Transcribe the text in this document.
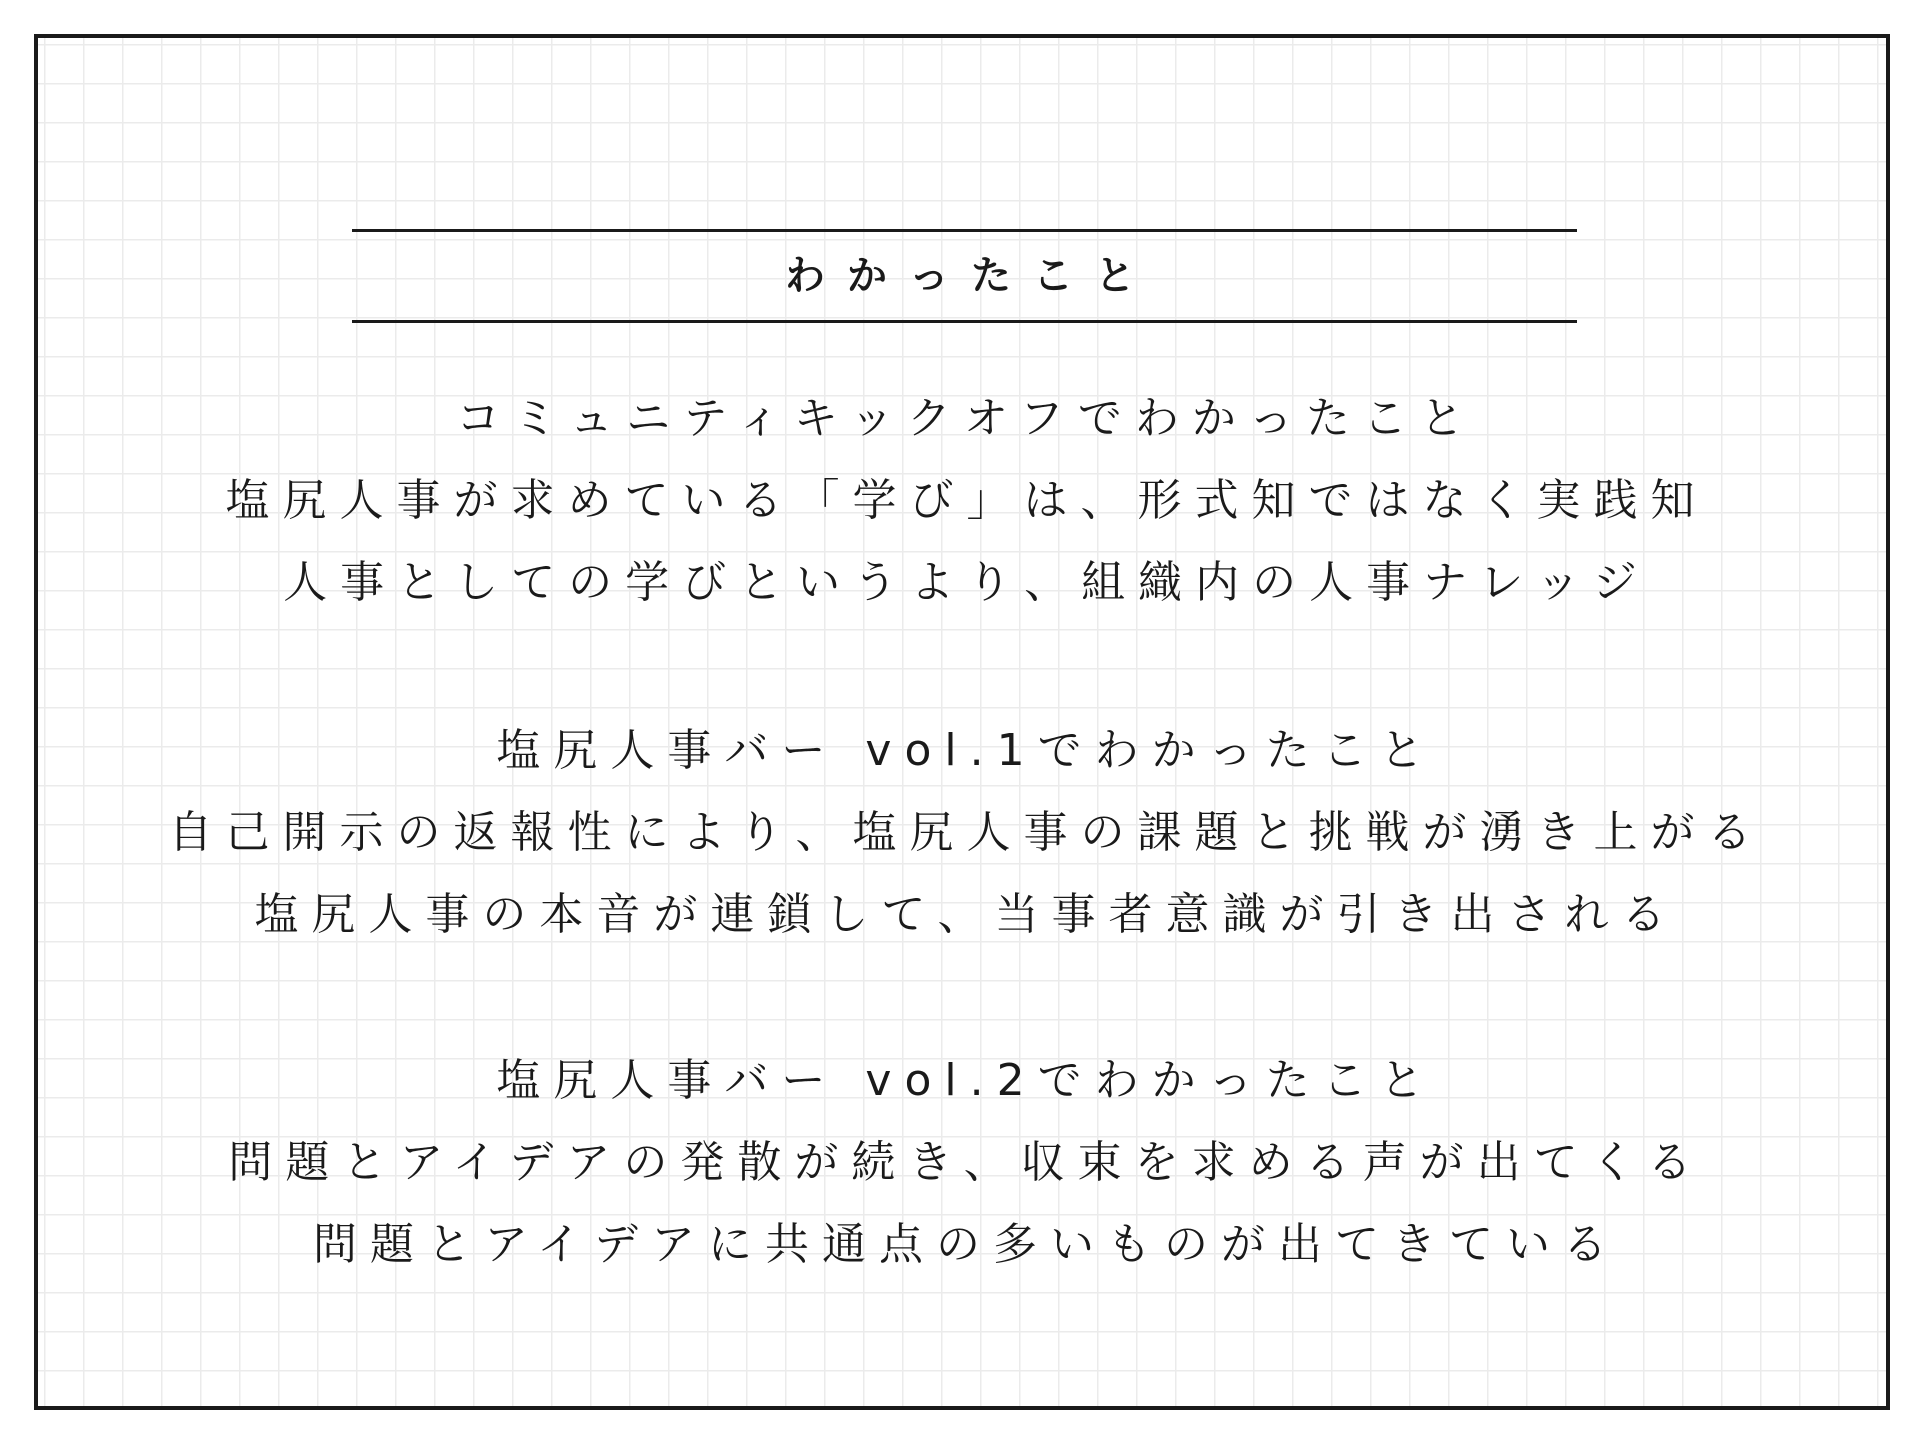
わかったこと
コミュニティキックオフでわかったこと
塩尻人事が求めている「学び」は、形式知ではなく実践知
人事としての学びというより、組織内の人事ナレッジ
塩尻人事バー vol.1でわかったこと
自己開示の返報性により、塩尻人事の課題と挑戦が湧き上がる
塩尻人事の本音が連鎖して、当事者意識が引き出される
塩尻人事バー vol.2でわかったこと
問題とアイデアの発散が続き、収束を求める声が出てくる
問題とアイデアに共通点の多いものが出てきている
